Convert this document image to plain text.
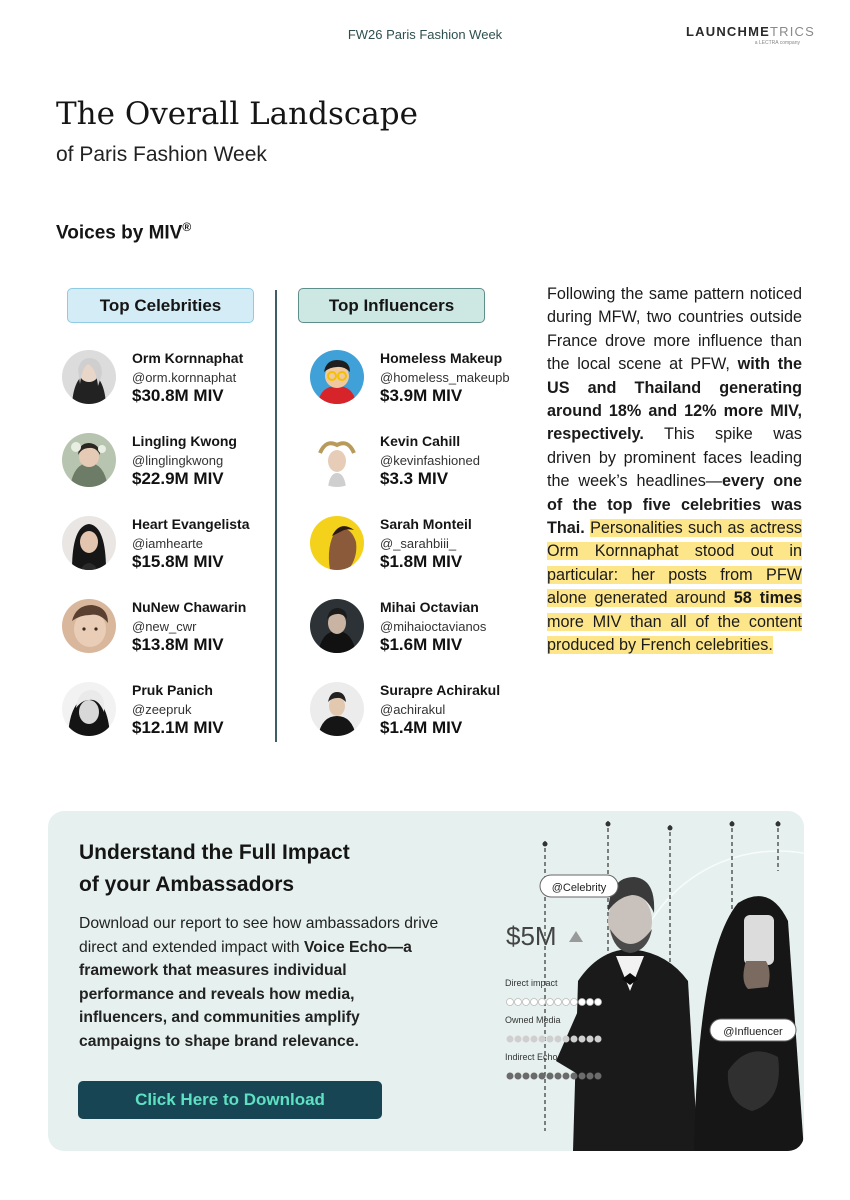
FW26 Paris Fashion Week	LAUNCHMETRICS
a LECTRA company
The Overall Landscape
of Paris Fashion Week
Voices by MIV®
Top Celebrities	Top Influencers
Orm Kornnaphat
@orm.kornnaphat
$30.8M MIV
Lingling Kwong
@linglingkwong
$22.9M MIV
Heart Evangelista
@iamhearte
$15.8M MIV
NuNew Chawarin
@new_cwr
$13.8M MIV
Pruk Panich
@zeepruk
$12.1M MIV
Homeless Makeup
@homeless_makeupb
$3.9M MIV
Kevin Cahill
@kevinfashioned
$3.3 MIV
Sarah Monteil
@_sarahbiii_
$1.8M MIV
Mihai Octavian
@mihaioctavianos
$1.6M MIV
Surapre Achirakul
@achirakul
$1.4M MIV
Following the same pattern noticed during MFW, two countries outside France drove more influence than the local scene at PFW, with the US and Thailand generating around 18% and 12% more MIV, respectively. This spike was driven by prominent faces leading the week’s headlines—every one of the top five celebrities was Thai. Personalities such as actress Orm Kornnaphat stood out in particular: her posts from PFW alone generated around 58 times more MIV than all of the content produced by French celebrities.
Understand the Full Impact
of your Ambassadors
Download our report to see how ambassadors drive direct and extended impact with Voice Echo—a framework that measures individual performance and reveals how media, influencers, and communities amplify campaigns to shape brand relevance.
Click Here to Download
@Celebrity
@Influencer
$5M
Direct impact
Owned Media
Indirect Echo
